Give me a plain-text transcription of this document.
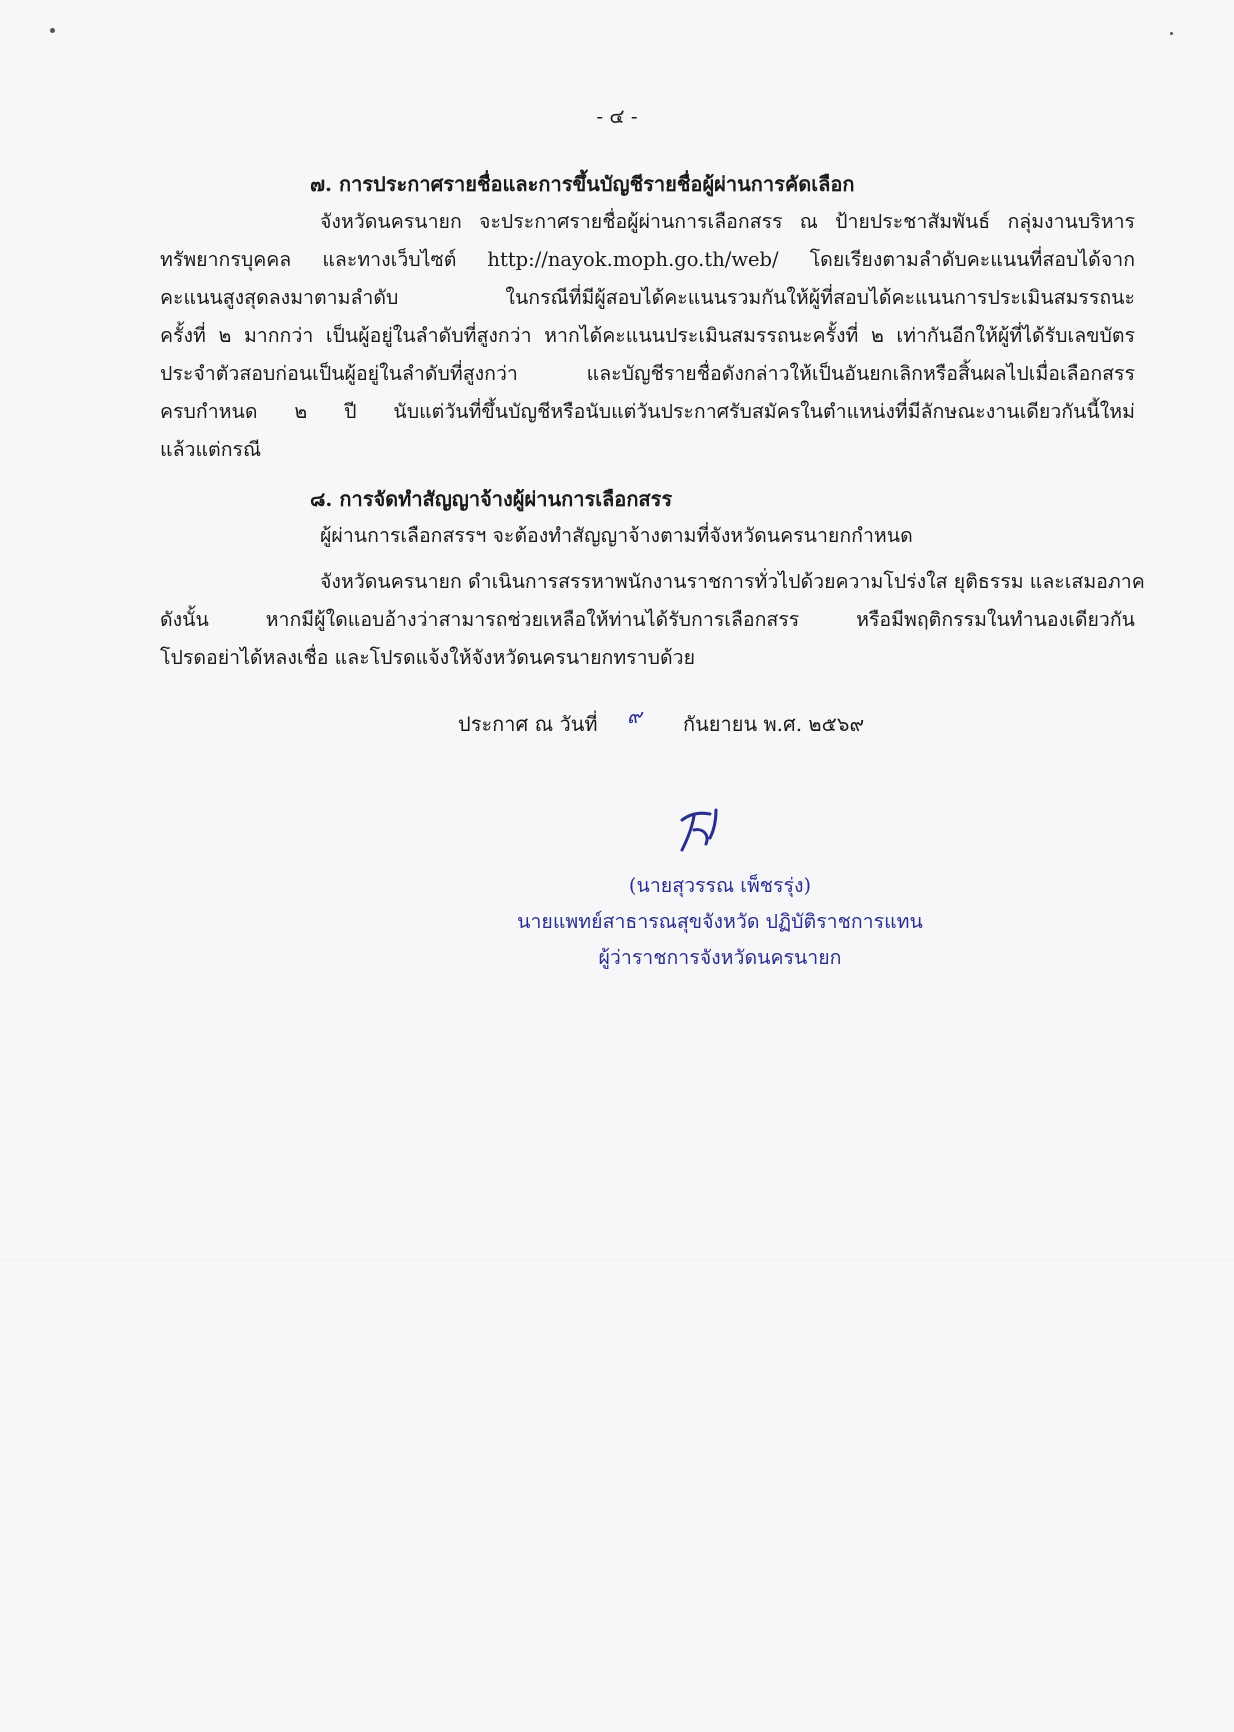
- ๔ -
๗. การประกาศรายชื่อและการขึ้นบัญชีรายชื่อผู้ผ่านการคัดเลือก
จังหวัดนครนายก จะประกาศรายชื่อผู้ผ่านการเลือกสรร ณ ป้ายประชาสัมพันธ์ กลุ่มงานบริหาร
ทรัพยากรบุคคล และทางเว็บไซต์ http://nayok.moph.go.th/web/ โดยเรียงตามลำดับคะแนนที่สอบได้จาก
คะแนนสูงสุดลงมาตามลำดับ ในกรณีที่มีผู้สอบได้คะแนนรวมกันให้ผู้ที่สอบได้คะแนนการประเมินสมรรถนะ
ครั้งที่ ๒ มากกว่า เป็นผู้อยู่ในลำดับที่สูงกว่า หากได้คะแนนประเมินสมรรถนะครั้งที่ ๒ เท่ากันอีกให้ผู้ที่ได้รับเลขบัตร
ประจำตัวสอบก่อนเป็นผู้อยู่ในลำดับที่สูงกว่า และบัญชีรายชื่อดังกล่าวให้เป็นอันยกเลิกหรือสิ้นผลไปเมื่อเลือกสรร
ครบกำหนด ๒ ปี นับแต่วันที่ขึ้นบัญชีหรือนับแต่วันประกาศรับสมัครในตำแหน่งที่มีลักษณะงานเดียวกันนี้ใหม่
แล้วแต่กรณี
๘. การจัดทำสัญญาจ้างผู้ผ่านการเลือกสรร
ผู้ผ่านการเลือกสรรฯ จะต้องทำสัญญาจ้างตามที่จังหวัดนครนายกกำหนด
จังหวัดนครนายก ดำเนินการสรรหาพนักงานราชการทั่วไปด้วยความโปร่งใส ยุติธรรม และเสมอภาค
ดังนั้น หากมีผู้ใดแอบอ้างว่าสามารถช่วยเหลือให้ท่านได้รับการเลือกสรร หรือมีพฤติกรรมในทำนองเดียวกัน
โปรดอย่าได้หลงเชื่อ และโปรดแจ้งให้จังหวัดนครนายกทราบด้วย
ประกาศ ณ วันที่ ๙ กันยายน พ.ศ. ๒๕๖๙
(นายสุวรรณ เพ็ชรรุ่ง)
นายแพทย์สาธารณสุขจังหวัด ปฏิบัติราชการแทน
ผู้ว่าราชการจังหวัดนครนายก
